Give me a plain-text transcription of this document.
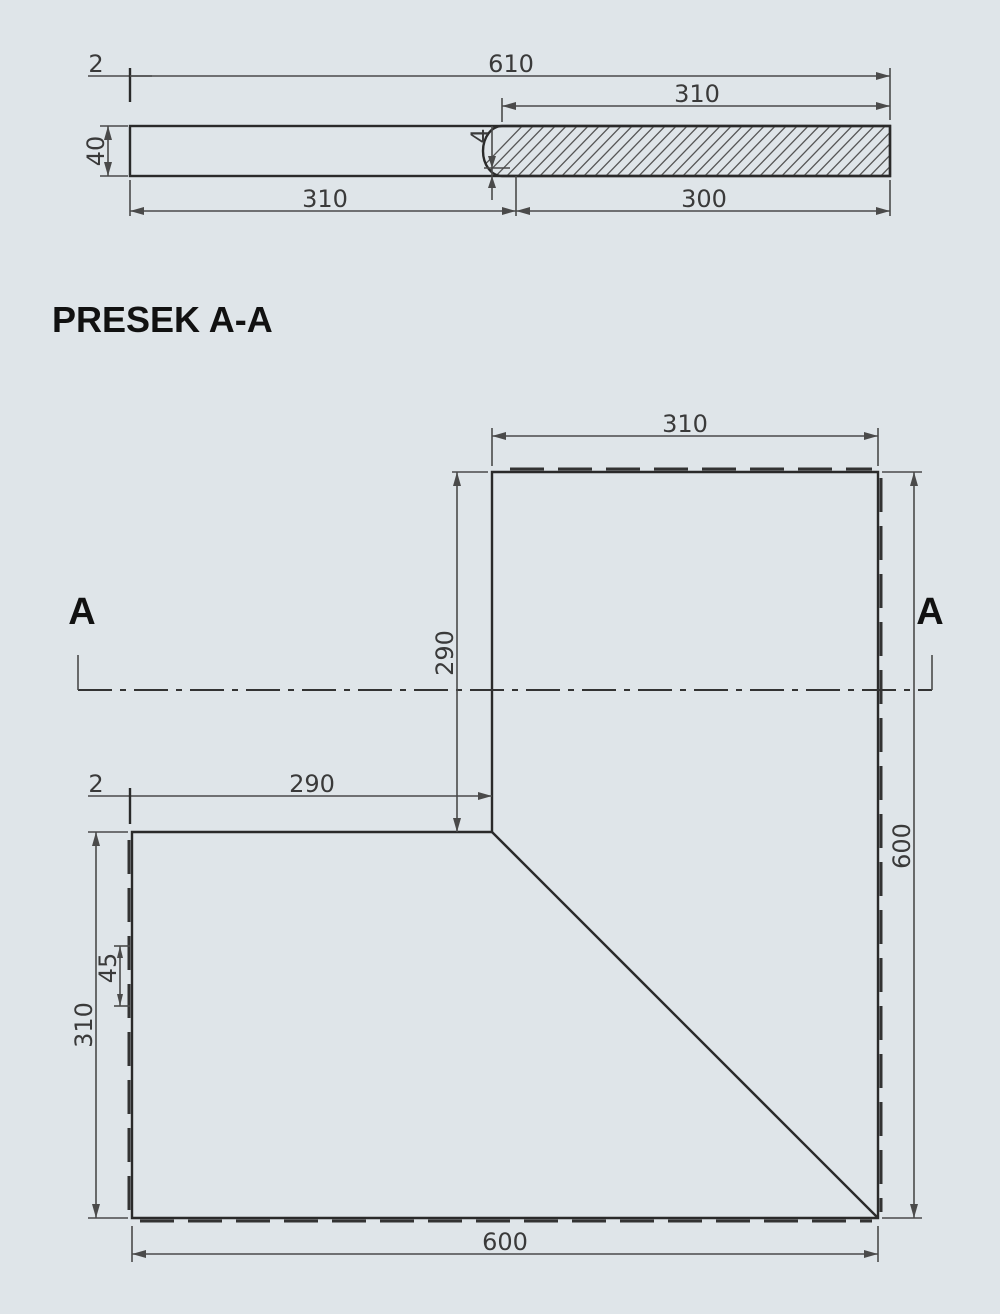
2	610
310
40	4
310	300
PRESEK A-A
A	A
310
290
2	290
600
310
45
600
